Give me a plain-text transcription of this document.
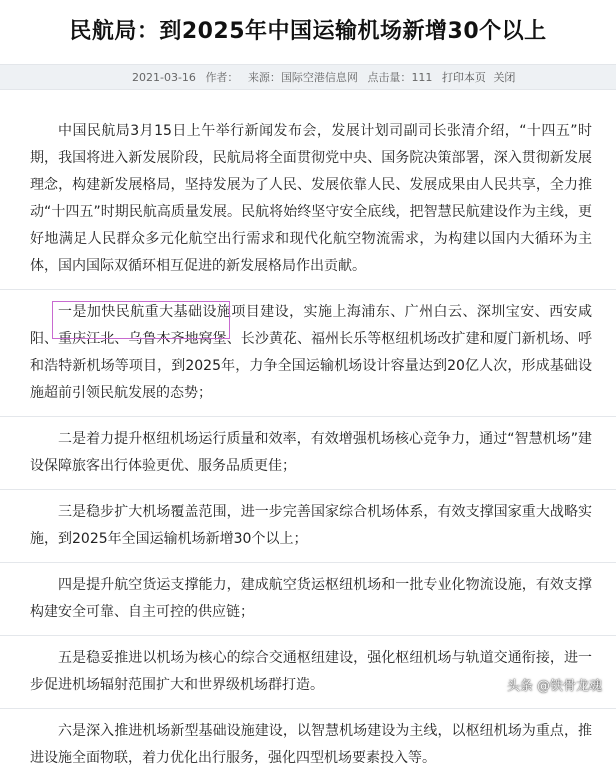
民航局：到2025年中国运输机场新增30个以上
2021-03-16 作者： 来源：国际空港信息网 点击量：111 打印本页 关闭

中国民航局3月15日上午举行新闻发布会，发展计划司副司长张清介绍，“十四五”时期，我国将进入新发展阶段，民航局将全面贯彻党中央、国务院决策部署，深入贯彻新发展理念，构建新发展格局，坚持发展为了人民、发展依靠人民、发展成果由人民共享，全力推动“十四五”时期民航高质量发展。民航将始终坚守安全底线，把智慧民航建设作为主线，更好地满足人民群众多元化航空出行需求和现代化航空物流需求，为构建以国内大循环为主体，国内国际双循环相互促进的新发展格局作出贡献。

一是加快民航重大基础设施项目建设，实施上海浦东、广州白云、深圳宝安、西安咸阳、重庆江北、乌鲁木齐地窝堡、长沙黄花、福州长乐等枢纽机场改扩建和厦门新机场、呼和浩特新机场等项目，到2025年，力争全国运输机场设计容量达到20亿人次，形成基础设施超前引领民航发展的态势；

二是着力提升枢纽机场运行质量和效率，有效增强机场核心竞争力，通过“智慧机场”建设保障旅客出行体验更优、服务品质更佳；

三是稳步扩大机场覆盖范围，进一步完善国家综合机场体系，有效支撑国家重大战略实施，到2025年全国运输机场新增30个以上；

四是提升航空货运支撑能力，建成航空货运枢纽机场和一批专业化物流设施，有效支撑构建安全可靠、自主可控的供应链；

五是稳妥推进以机场为核心的综合交通枢纽建设，强化枢纽机场与轨道交通衔接，进一步促进机场辐射范围扩大和世界级机场群打造。

六是深入推进机场新型基础设施建设，以智慧机场建设为主线，以枢纽机场为重点，推进设施全面物联，着力优化出行服务，强化四型机场要素投入等。

头条 @铁骨龙魂
